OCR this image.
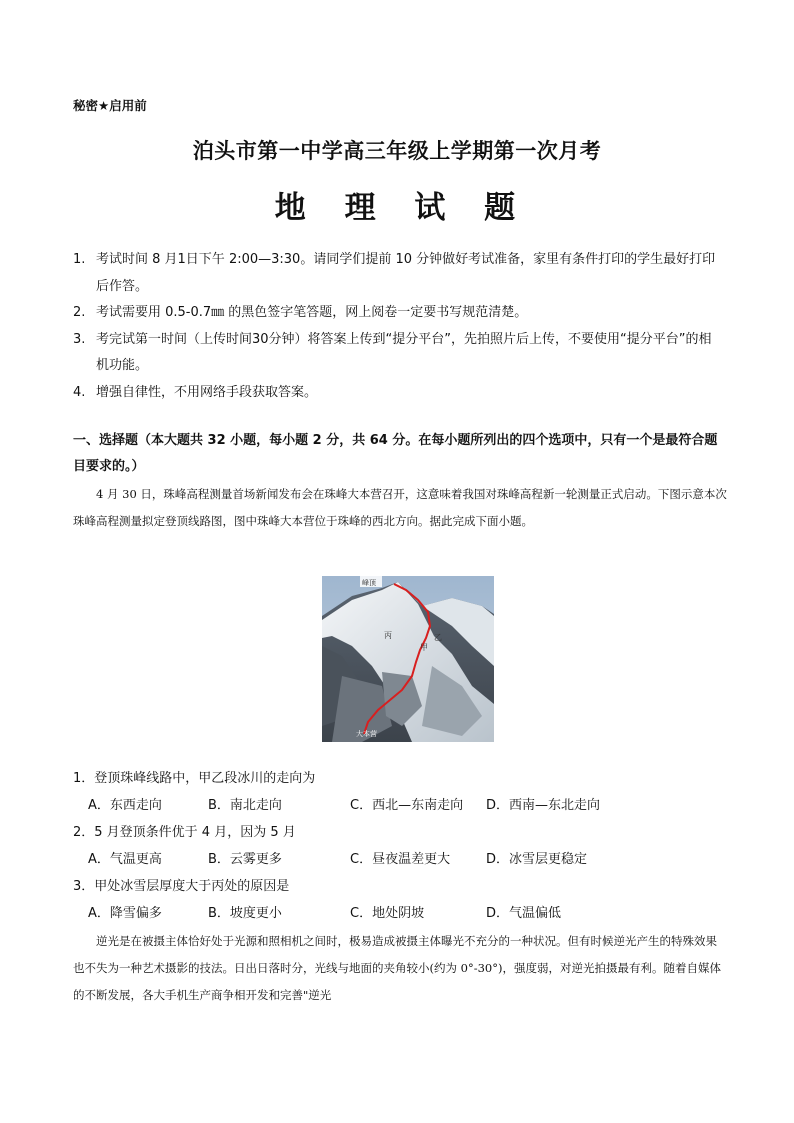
秘密★启用前
泊头市第一中学高三年级上学期第一次月考
地 理 试 题
1. 考试时间 8 月1日下午 2:00—3:30。请同学们提前 10 分钟做好考试准备，家里有条件打印的学生最好打印后作答。
2. 考试需要用 0.5-0.7㎜ 的黑色签字笔答题，网上阅卷一定要书写规范清楚。
3. 考完试第一时间（上传时间30分钟）将答案上传到“提分平台”，先拍照片后上传，不要使用“提分平台”的相机功能。
4. 增强自律性，不用网络手段获取答案。
一、选择题（本大题共 32 小题，每小题 2 分，共 64 分。在每小题所列出的四个选项中，只有一个是最符合题目要求的。）
4 月 30 日，珠峰高程测量首场新闻发布会在珠峰大本营召开，这意味着我国对珠峰高程新一轮测量正式启动。下图示意本次珠峰高程测量拟定登顶线路图，图中珠峰大本营位于珠峰的西北方向。据此完成下面小题。
峰顶
丙	乙
甲
大本营
1．登顶珠峰线路中，甲乙段冰川的走向为
A．东西走向	B．南北走向	C．西北—东南走向 D．西南—东北走向
2．5 月登顶条件优于 4 月，因为 5 月
A．气温更高	B．云雾更多	C．昼夜温差更大	D．冰雪层更稳定
3．甲处冰雪层厚度大于丙处的原因是
A．降雪偏多	B．坡度更小	C．地处阴坡	D．气温偏低
逆光是在被摄主体恰好处于光源和照相机之间时，极易造成被摄主体曝光不充分的一种状况。但有时候逆光产生的特殊效果也不失为一种艺术摄影的技法。日出日落时分，光线与地面的夹角较小(约为 0°-30°)，强度弱，对逆光拍摄最有利。随着自媒体的不断发展，各大手机生产商争相开发和完善"逆光
